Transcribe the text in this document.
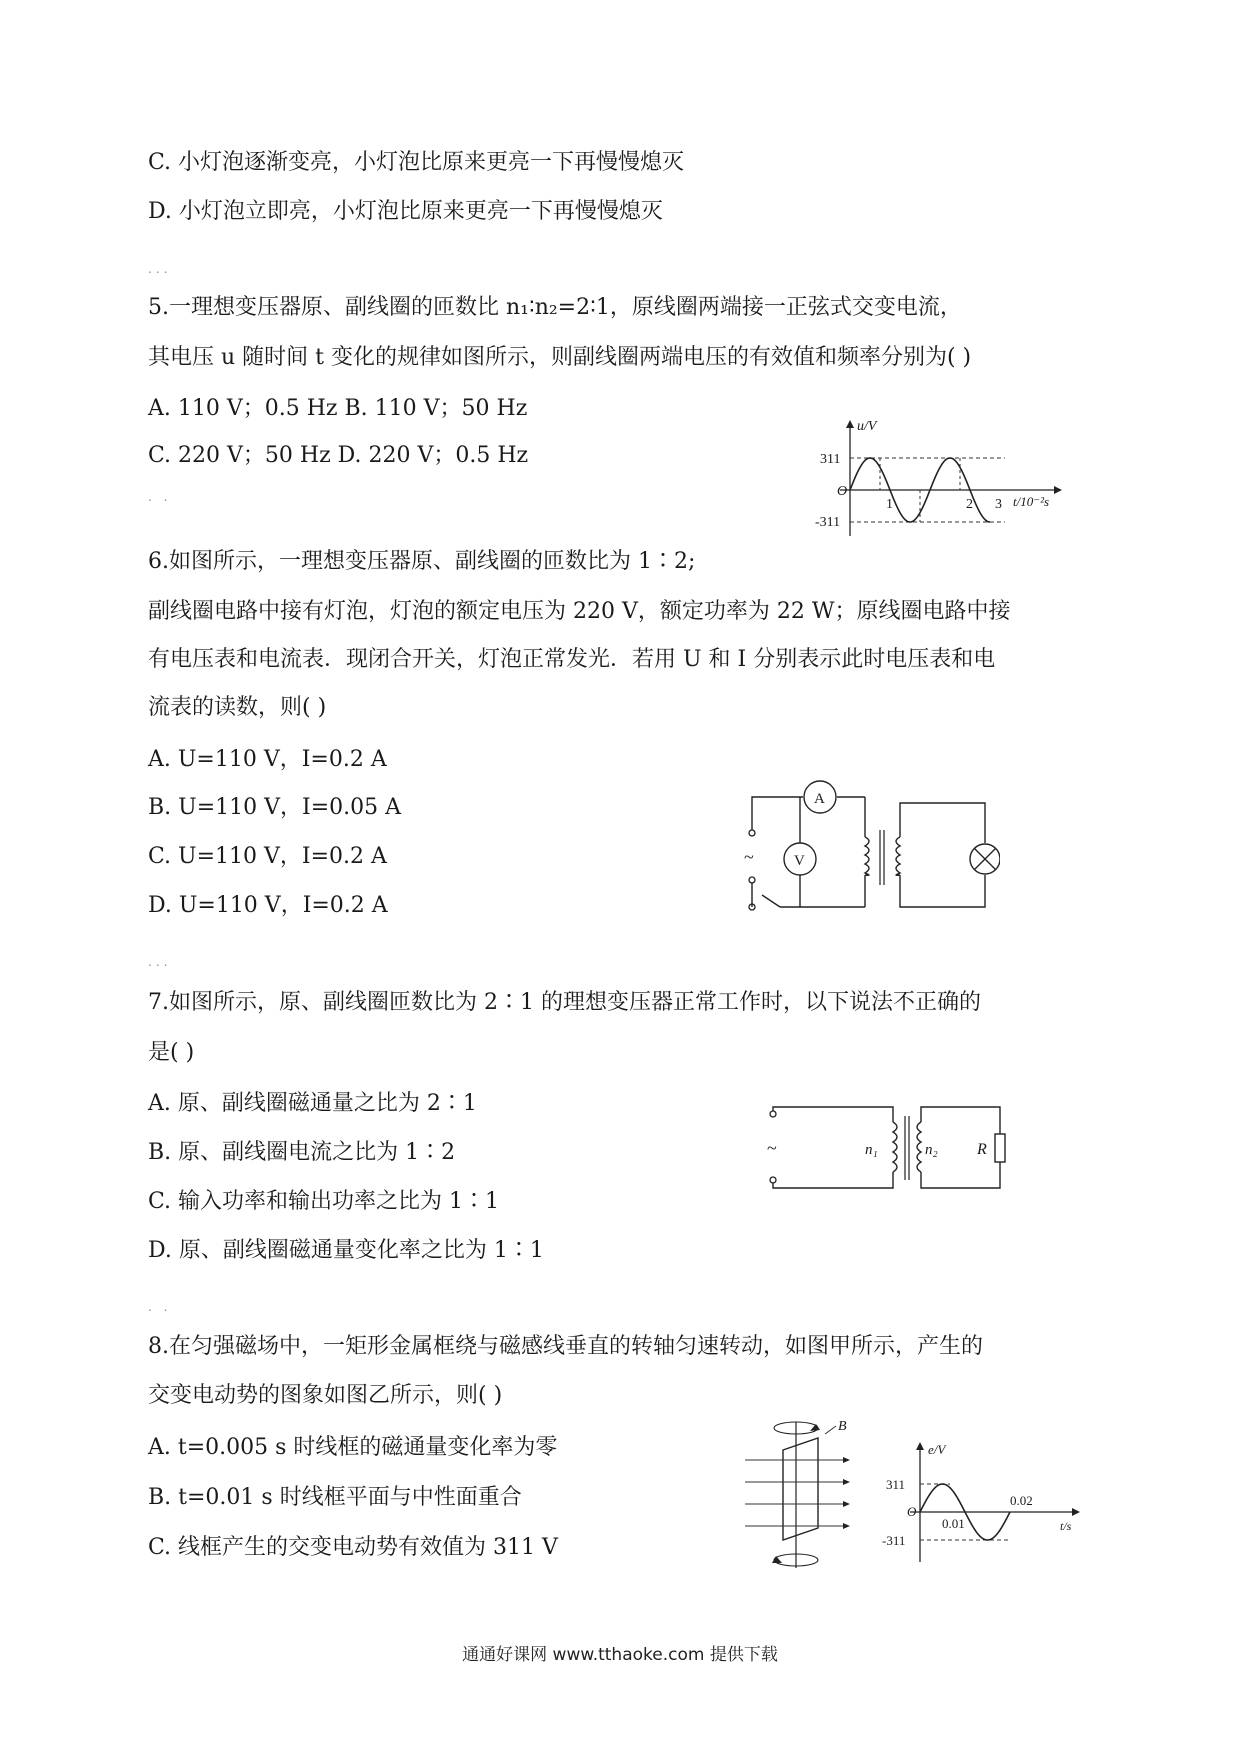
C. 小灯泡逐渐变亮，小灯泡比原来更亮一下再慢慢熄灭
D. 小灯泡立即亮，小灯泡比原来更亮一下再慢慢熄灭
...
5.一理想变压器原、副线圈的匝数比 n₁∶n₂=2∶1，原线圈两端接一正弦式交变电流，
其电压 u 随时间 t 变化的规律如图所示，则副线圈两端电压的有效值和频率分别为( )
A. 110 V；0.5 Hz B. 110 V；50 Hz
C. 220 V；50 Hz D. 220 V；0.5 Hz
. .
u/V
311
-311
O
1	2 3 t/10⁻²s
6.如图所示，一理想变压器原、副线圈的匝数比为 1∶2;
副线圈电路中接有灯泡，灯泡的额定电压为 220 V，额定功率为 22 W；原线圈电路中接
有电压表和电流表．现闭合开关，灯泡正常发光．若用 U 和 I 分别表示此时电压表和电
流表的读数，则( )
A. U=110 V，I=0.2 A
B. U=110 V，I=0.05 A
C. U=110 V，I=0.2 A
D. U=110 V，I=0.2 A
...
~
A
V
7.如图所示，原、副线圈匝数比为 2∶1 的理想变压器正常工作时，以下说法不正确的
是( )
A. 原、副线圈磁通量之比为 2∶1
B. 原、副线圈电流之比为 1∶2
C. 输入功率和输出功率之比为 1∶1
D. 原、副线圈磁通量变化率之比为 1∶1
. .
~	n₁	n₂ R
8.在匀强磁场中，一矩形金属框绕与磁感线垂直的转轴匀速转动，如图甲所示，产生的
交变电动势的图象如图乙所示，则( )
A. t=0.005 s 时线框的磁通量变化率为零
B. t=0.01 s 时线框平面与中性面重合
C. 线框产生的交变电动势有效值为 311 V
B
e/V
311
-311
O
0.01
0.02
t/s
通通好课网 www.tthaoke.com 提供下载
